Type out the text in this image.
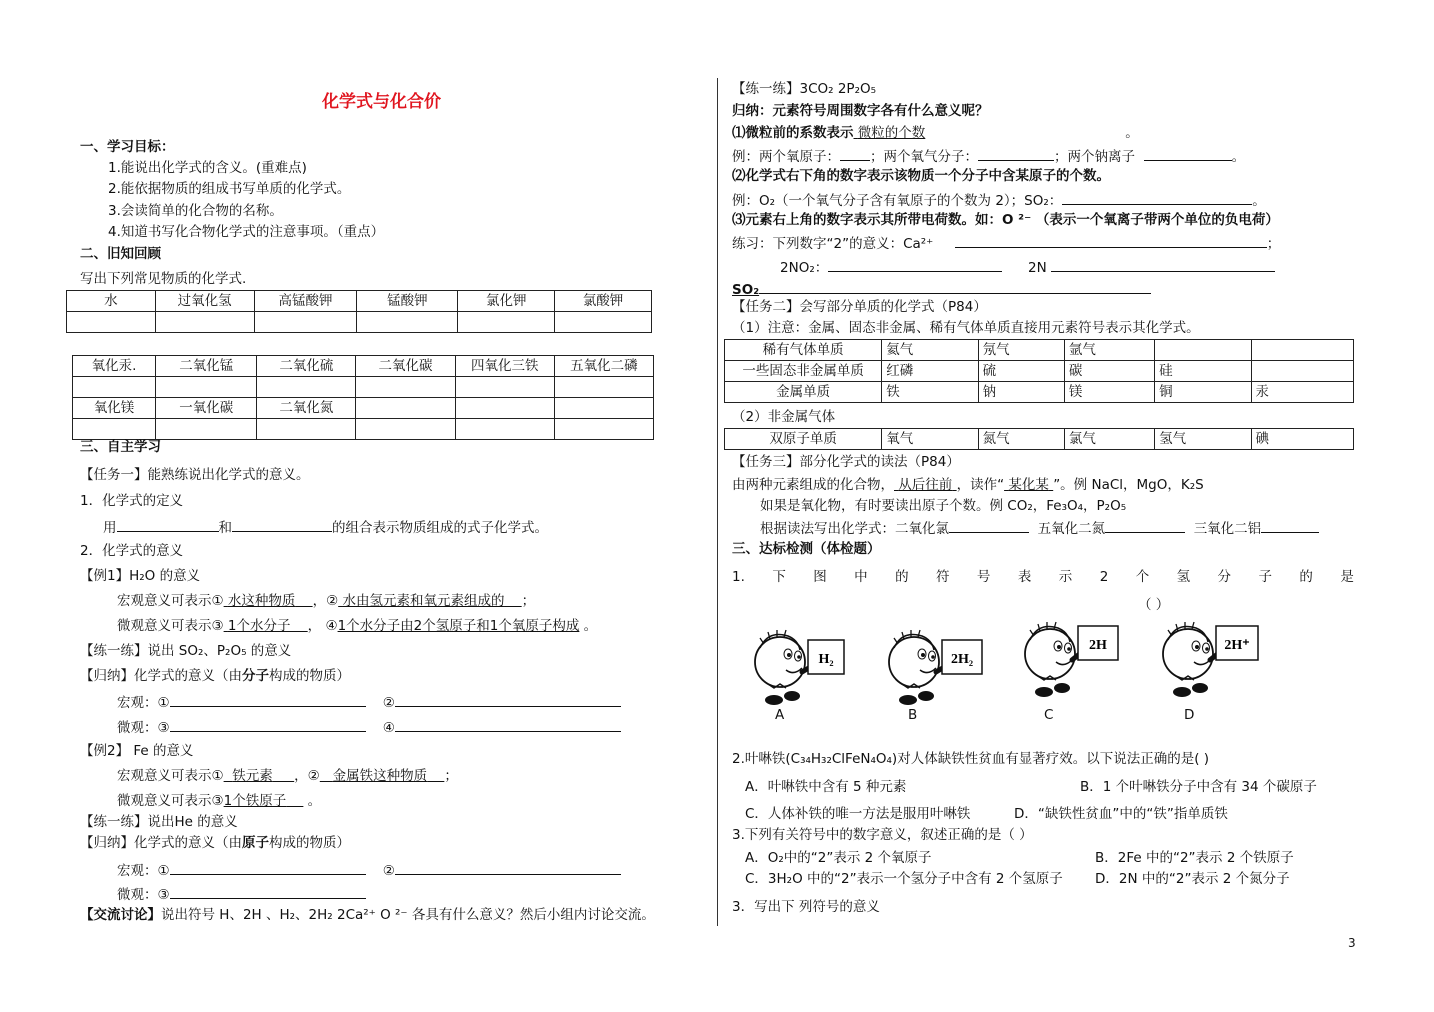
化学式与化合价
3
一、学习目标：
1.能说出化学式的含义。(重难点)
2.能依据物质的组成书写单质的化学式。
3.会读简单的化合物的名称。
4.知道书写化合物化学式的注意事项。（重点）
二、旧知回顾
写出下列常见物质的化学式.
水	过氧化氢	高锰酸钾	锰酸钾	氯化钾	氯酸钾

氧化汞.	二氧化锰	二氧化硫	二氧化碳	四氧化三铁	五氧化二磷

氧化镁	一氧化碳	二氧化氮			

三、自主学习
【任务一】能熟练说出化学式的意义。
1．化学式的定义
用	和	的组合表示物质组成的式子化学式。
2．化学式的意义
【例1】H₂O 的意义
宏观意义可表示① 水这种物质 ，② 水由氢元素和氧元素组成的 ；
微观意义可表示③ 1个水分子 ， ④1个水分子由2个氢原子和1个氧原子构成 。
【练一练】说出 SO₂、P₂O₅ 的意义
【归纳】化学式的意义（由分子构成的物质）
宏观：①	②
微观：③	④
【例2】 Fe 的意义
宏观意义可表示① 铁元素 ，② 金属铁这种物质 ；
微观意义可表示③1个铁原子     。
【练一练】说出He 的意义
【归纳】化学式的意义（由原子构成的物质）
宏观：①	②
微观：③
【交流讨论】说出符号 H、2H 、H₂、2H₂ 2Ca²⁺ O ²⁻ 各具有什么意义？然后小组内讨论交流。
【练一练】3CO₂ 2P₂O₅
归纳：元素符号周围数字各有什么意义呢？
⑴微粒前的系数表示 微粒的个数	。
例：两个氧原子： ；两个氧气分子：	；两个钠离子	。
⑵化学式右下角的数字表示该物质一个分子中含某原子的个数。
例：O₂（一个氧气分子含有氧原子的个数为 2）；SO₂：	。
⑶元素右上角的数字表示其所带电荷数。如：O ²⁻ （表示一个氧离子带两个单位的负电荷）
练习：下列数字“2”的意义：Ca²⁺	；
2NO₂：	2N
SO₂
【任务二】会写部分单质的化学式（P84）
（1）注意：金属、固态非金属、稀有气体单质直接用元素符号表示其化学式。
稀有气体单质	氦气	氖气	氩气		
一些固态非金属单质	红磷	硫	碳	硅	
金属单质	铁	钠	镁	铜	汞
（2）非金属气体
双原子单质	氧气	氮气	氯气	氢气	碘
【任务三】部分化学式的读法（P84）
由两种元素组成的化合物， 从后往前 ，读作“ 某化某 ”。例 NaCl，MgO，K₂S
如果是氧化物，有时要读出原子个数。例 CO₂，Fe₃O₄，P₂O₅
根据读法写出化学式：二氧化氯	五氧化二氮	三氧化二铝
三、达标检测（体检题）
1. 下 图 中 的 符 号 表 示 2 个 氢 分 子 的 是
（ ）
H₂
A
2H₂
B
2H
C
2H⁺
D
2.叶啉铁(C₃₄H₃₂ClFeN₄O₄)对人体缺铁性贫血有显著疗效。以下说法正确的是( )
A．叶啉铁中含有 5 种元素	B．1 个叶啉铁分子中含有 34 个碳原子
C．人体补铁的唯一方法是服用叶啉铁	D．“缺铁性贫血”中的“铁”指单质铁
3.下列有关符号中的数字意义，叙述正确的是（ ）
A．O₂中的“2”表示 2 个氧原子	B．2Fe 中的“2”表示 2 个铁原子
C．3H₂O 中的“2”表示一个氢分子中含有 2 个氢原子 D．2N 中的“2”表示 2 个氮分子
3．写出下 列符号的意义
